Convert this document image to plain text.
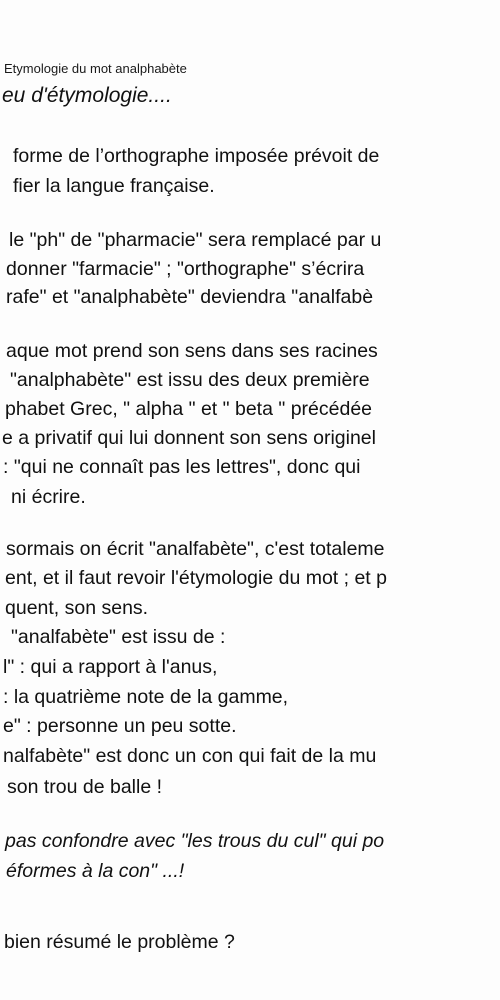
Etymologie du mot analphabète
eu d'étymologie....
forme de l’orthographe imposée prévoit de
fier la langue française.
le "ph" de "pharmacie" sera remplacé par u
donner "farmacie" ; "orthographe" s’écrira
rafe" et "analphabète" deviendra "analfabè
aque mot prend son sens dans ses racines
"analphabète" est issu des deux première
phabet Grec, " alpha " et " beta " précédée
e a privatif qui lui donnent son sens originel
: "qui ne connaît pas les lettres", donc qui
ni écrire.
sormais on écrit "analfabète", c'est totaleme
ent, et il faut revoir l'étymologie du mot ; et p
quent, son sens.
"analfabète" est issu de :
l" : qui a rapport à l'anus,
: la quatrième note de la gamme,
e" : personne un peu sotte.
nalfabète" est donc un con qui fait de la mu
son trou de balle !
pas confondre avec "les trous du cul" qui po
éformes à la con" ...!
bien résumé le problème ?
